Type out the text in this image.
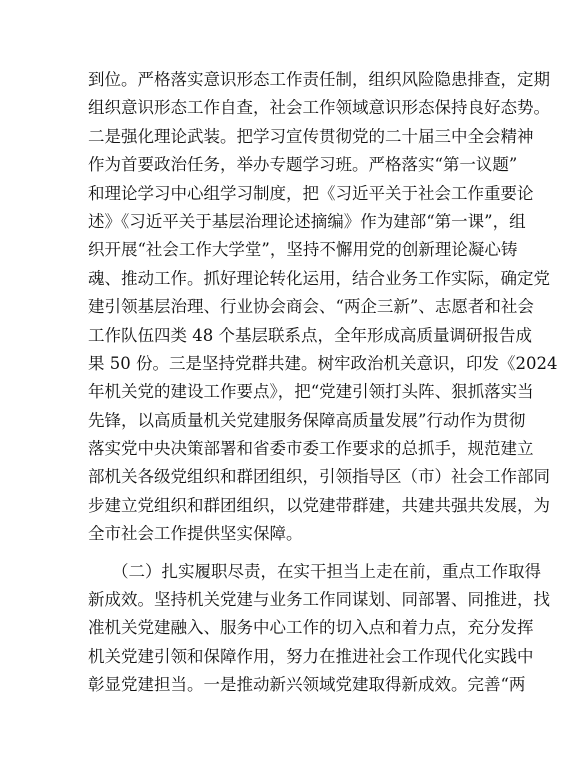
到位。严格落实意识形态工作责任制，组织风险隐患排查，定期
组织意识形态工作自查，社会工作领域意识形态保持良好态势。
二是强化理论武装。把学习宣传贯彻党的二十届三中全会精神
作为首要政治任务，举办专题学习班。严格落实“第一议题”
和理论学习中心组学习制度，把《习近平关于社会工作重要论
述》《习近平关于基层治理论述摘编》作为建部“第一课”，组
织开展“社会工作大学堂”，坚持不懈用党的创新理论凝心铸
魂、推动工作。抓好理论转化运用，结合业务工作实际，确定党
建引领基层治理、行业协会商会、“两企三新”、志愿者和社会
工作队伍四类 48 个基层联系点，全年形成高质量调研报告成
果 50 份。三是坚持党群共建。树牢政治机关意识，印发《2024
年机关党的建设工作要点》，把“党建引领打头阵、狠抓落实当
先锋，以高质量机关党建服务保障高质量发展”行动作为贯彻
落实党中央决策部署和省委市委工作要求的总抓手，规范建立
部机关各级党组织和群团组织，引领指导区（市）社会工作部同
步建立党组织和群团组织，以党建带群建，共建共强共发展，为
全市社会工作提供坚实保障。
（二）扎实履职尽责，在实干担当上走在前，重点工作取得
新成效。坚持机关党建与业务工作同谋划、同部署、同推进，找
准机关党建融入、服务中心工作的切入点和着力点，充分发挥
机关党建引领和保障作用，努力在推进社会工作现代化实践中
彰显党建担当。一是推动新兴领域党建取得新成效。完善“两
